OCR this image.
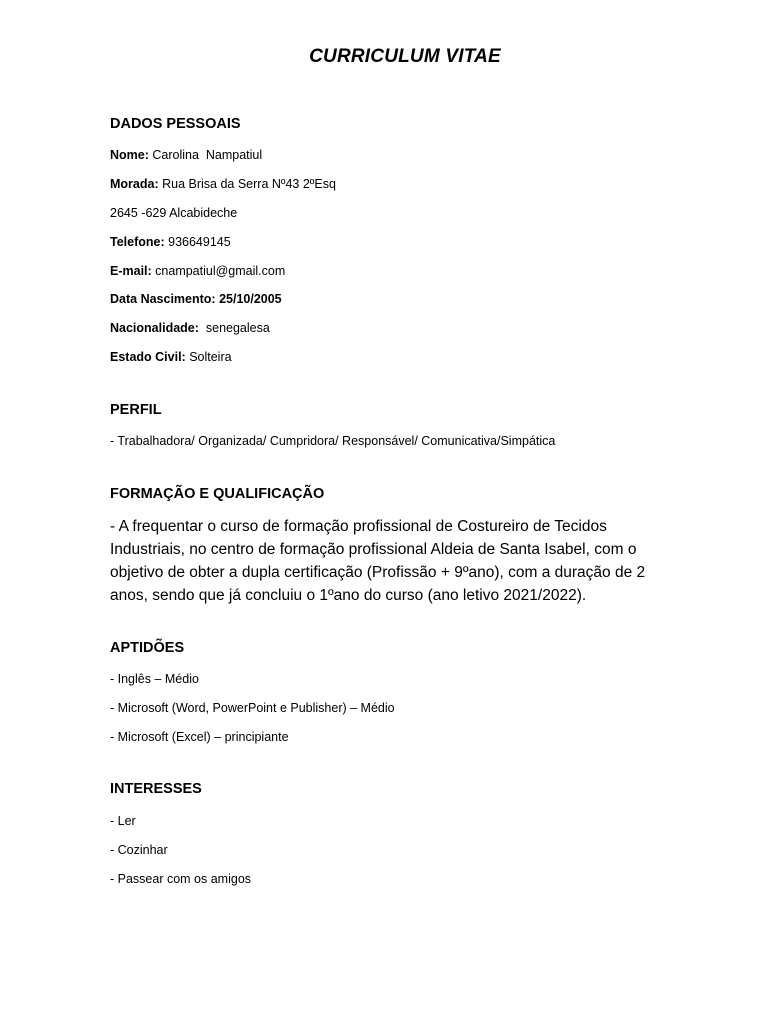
CURRICULUM VITAE
DADOS PESSOAIS
Nome: Carolina  Nampatiul
Morada: Rua Brisa da Serra Nº43 2ºEsq
2645 -629 Alcabideche
Telefone: 936649145
E-mail: cnampatiul@gmail.com
Data Nascimento: 25/10/2005
Nacionalidade:  senegalesa
Estado Civil: Solteira
PERFIL
- Trabalhadora/ Organizada/ Cumpridora/ Responsável/ Comunicativa/Simpática
FORMAÇÃO E QUALIFICAÇÃO
- A frequentar o curso de formação profissional de Costureiro de Tecidos Industriais, no centro de formação profissional Aldeia de Santa Isabel, com o objetivo de obter a dupla certificação (Profissão + 9ºano), com a duração de 2 anos, sendo que já concluiu o 1ºano do curso (ano letivo 2021/2022).
APTIDÕES
- Inglês – Médio
- Microsoft (Word, PowerPoint e Publisher) – Médio
- Microsoft (Excel) – principiante
INTERESSES
- Ler
- Cozinhar
- Passear com os amigos
